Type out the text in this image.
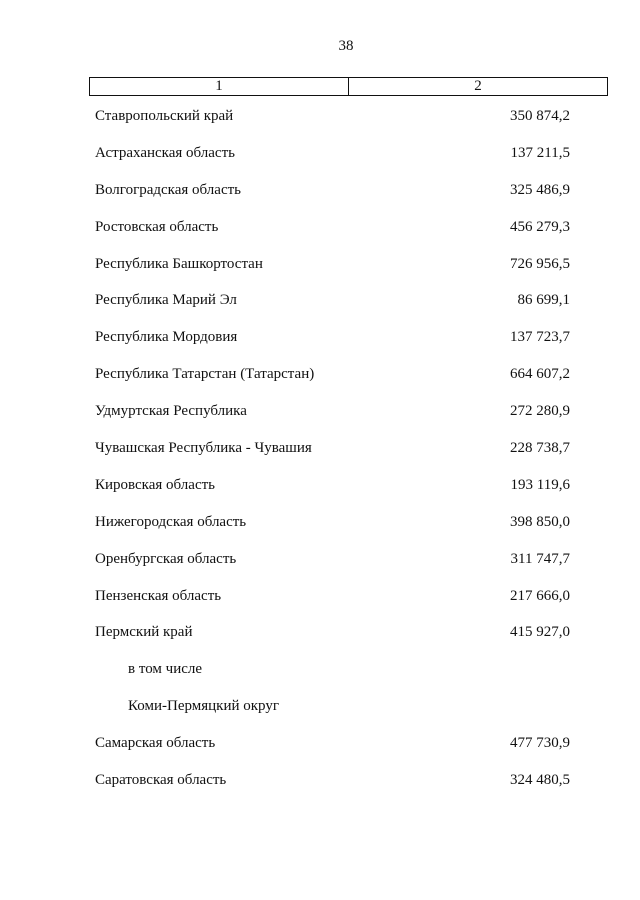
38
1	2
Ставропольский край	350 874,2
Астраханская область	137 211,5
Волгоградская область	325 486,9
Ростовская область	456 279,3
Республика Башкортостан	726 956,5
Республика Марий Эл	86 699,1
Республика Мордовия	137 723,7
Республика Татарстан (Татарстан)	664 607,2
Удмуртская Республика	272 280,9
Чувашская Республика - Чувашия	228 738,7
Кировская область	193 119,6
Нижегородская область	398 850,0
Оренбургская область	311 747,7
Пензенская область	217 666,0
Пермский край	415 927,0
в том числе
Коми-Пермяцкий округ
Самарская область	477 730,9
Саратовская область	324 480,5
